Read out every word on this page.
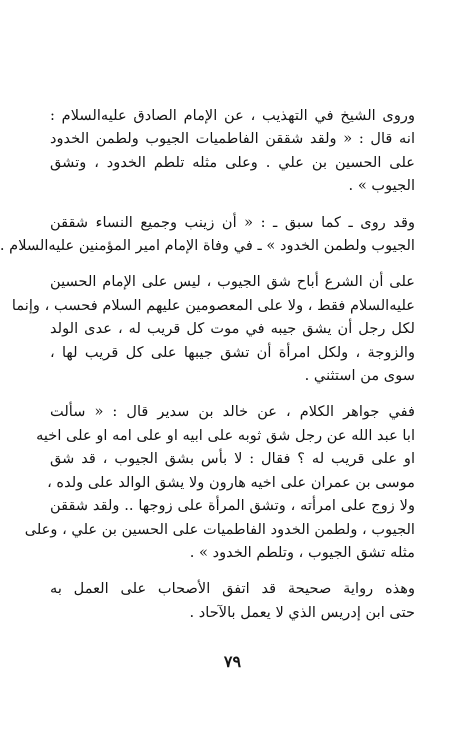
وروى الشيخ في التهذيب ، عن الإمام الصادق عليه‌السلام :
انه قال : « ولقد شققن الفاطميات الجيوب ولطمن الخدود
على الحسين بن علي . وعلى مثله تلطم الخدود ، وتشق
الجيوب » .

وقد روى ـ كما سبق ـ : « أن زينب وجميع النساء شققن
الجيوب ولطمن الخدود » ـ في وفاة الإمام امير المؤمنين عليه‌السلام .

على أن الشرع أباح شق الجيوب ، ليس على الإمام الحسين
عليه‌السلام فقط ، ولا على المعصومين عليهم السلام فحسب ، وإنما
لكل رجل أن يشق جيبه في موت كل قريب له ، عدى الولد
والزوجة ، ولكل امرأة أن تشق جيبها على كل قريب لها ،
سوى من استثني .

ففي جواهر الكلام ، عن خالد بن سدير قال : « سألت
ابا عبد الله عن رجل شق ثوبه على ابيه او على امه او على اخيه
او على قريب له ؟ فقال : لا بأس بشق الجيوب ، قد شق
موسى بن عمران على اخيه هارون ولا يشق الوالد على ولده ،
ولا زوج على امرأته ، وتشق المرأة على زوجها .. ولقد شققن
الجيوب ، ولطمن الخدود الفاطميات على الحسين بن علي ، وعلى
مثله تشق الجيوب ، وتلطم الخدود » .

وهذه رواية صحيحة قد اتفق الأصحاب على العمل به
حتى ابن إدريس الذي لا يعمل بالآحاد .

٧٩
